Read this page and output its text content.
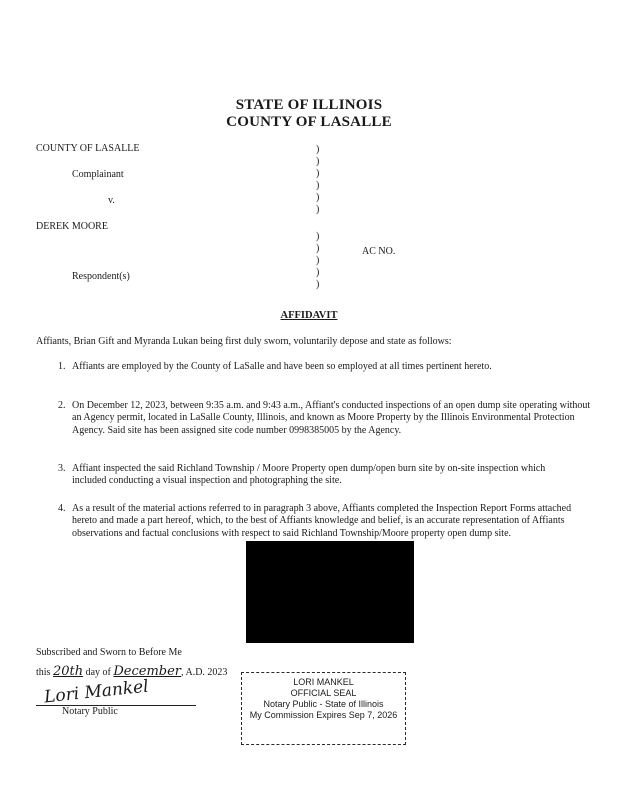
STATE OF ILLINOIS
COUNTY OF LASALLE
COUNTY OF LASALLE
Complainant
v.
DEREK MOORE
Respondent(s)
AC NO.
)
)
)
)
)
)
)
)
)
)
)
AFFIDAVIT
Affiants, Brian Gift and Myranda Lukan being first duly sworn, voluntarily depose and state as follows:
1. Affiants are employed by the County of LaSalle and have been so employed at all times pertinent hereto.
2. On December 12, 2023, between 9:35 a.m. and 9:43 a.m., Affiant's conducted inspections of an open dump site operating without an Agency permit, located in LaSalle County, Illinois, and known as Moore Property by the Illinois Environmental Protection Agency. Said site has been assigned site code number 0998385005 by the Agency.
3. Affiant inspected the said Richland Township / Moore Property open dump/open burn site by on-site inspection which included conducting a visual inspection and photographing the site.
4. As a result of the material actions referred to in paragraph 3 above, Affiants completed the Inspection Report Forms attached hereto and made a part hereof, which, to the best of Affiants knowledge and belief, is an accurate representation of Affiants observations and factual conclusions with respect to said Richland Township/Moore property open dump site.
Subscribed and Sworn to Before Me
this 20th day of December, A.D. 2023
Lori Mankel
Notary Public
LORI MANKEL
OFFICIAL SEAL
Notary Public - State of Illinois
My Commission Expires Sep 7, 2026
